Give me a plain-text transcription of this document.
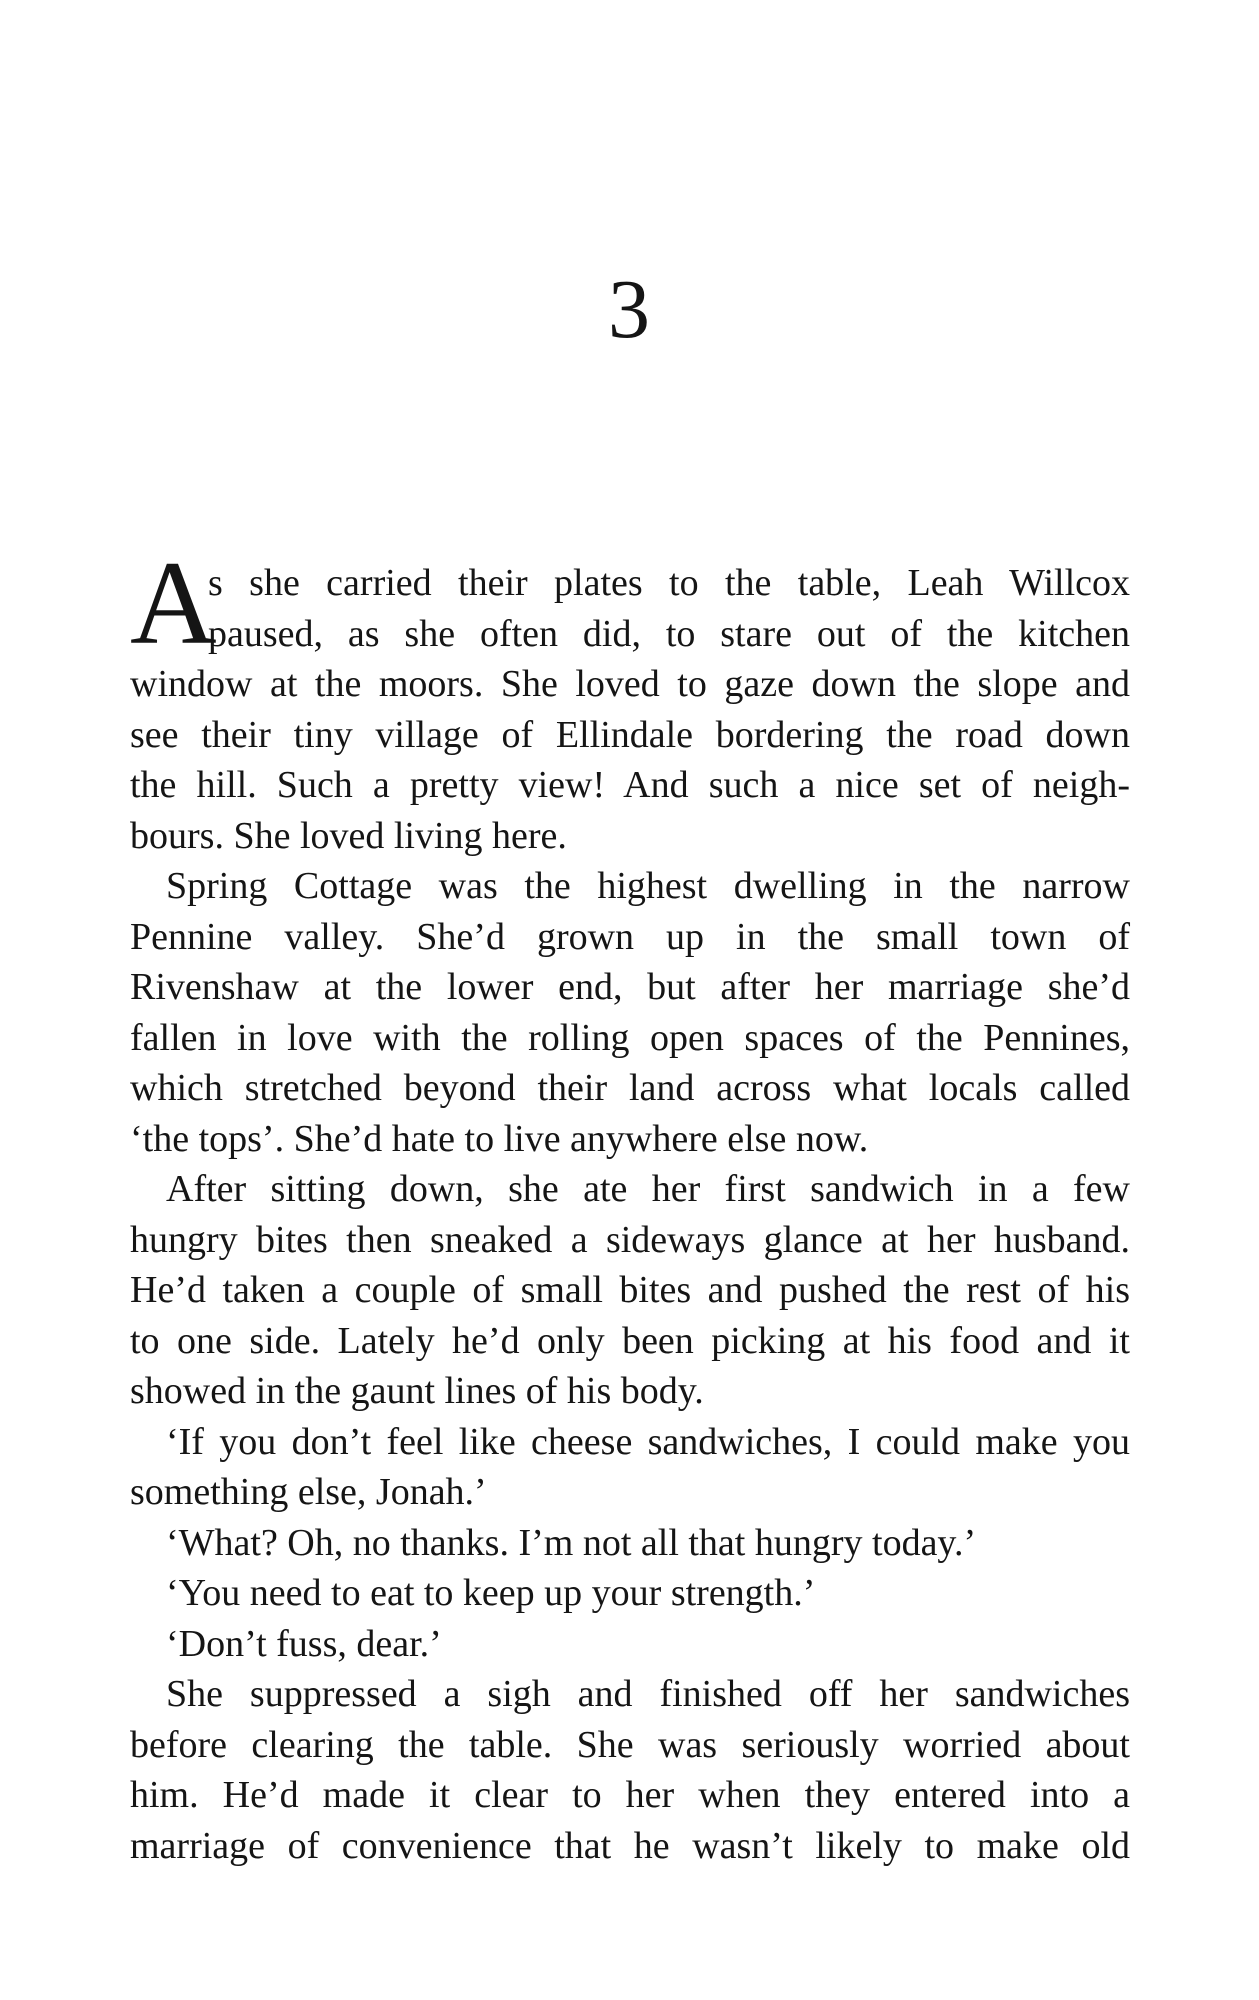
3
A
s she carried their plates to the table, Leah Willcox
paused, as she often did, to stare out of the kitchen
window at the moors. She loved to gaze down the slope and
see their tiny village of Ellindale bordering the road down
the hill. Such a pretty view! And such a nice set of neigh-
bours. She loved living here.
Spring Cottage was the highest dwelling in the narrow
Pennine valley. She’d grown up in the small town of
Rivenshaw at the lower end, but after her marriage she’d
fallen in love with the rolling open spaces of the Pennines,
which stretched beyond their land across what locals called
‘the tops’. She’d hate to live anywhere else now.
After sitting down, she ate her first sandwich in a few
hungry bites then sneaked a sideways glance at her husband.
He’d taken a couple of small bites and pushed the rest of his
to one side. Lately he’d only been picking at his food and it
showed in the gaunt lines of his body.
‘If you don’t feel like cheese sandwiches, I could make you
something else, Jonah.’
‘What? Oh, no thanks. I’m not all that hungry today.’
‘You need to eat to keep up your strength.’
‘Don’t fuss, dear.’
She suppressed a sigh and finished off her sandwiches
before clearing the table. She was seriously worried about
him. He’d made it clear to her when they entered into a
marriage of convenience that he wasn’t likely to make old
